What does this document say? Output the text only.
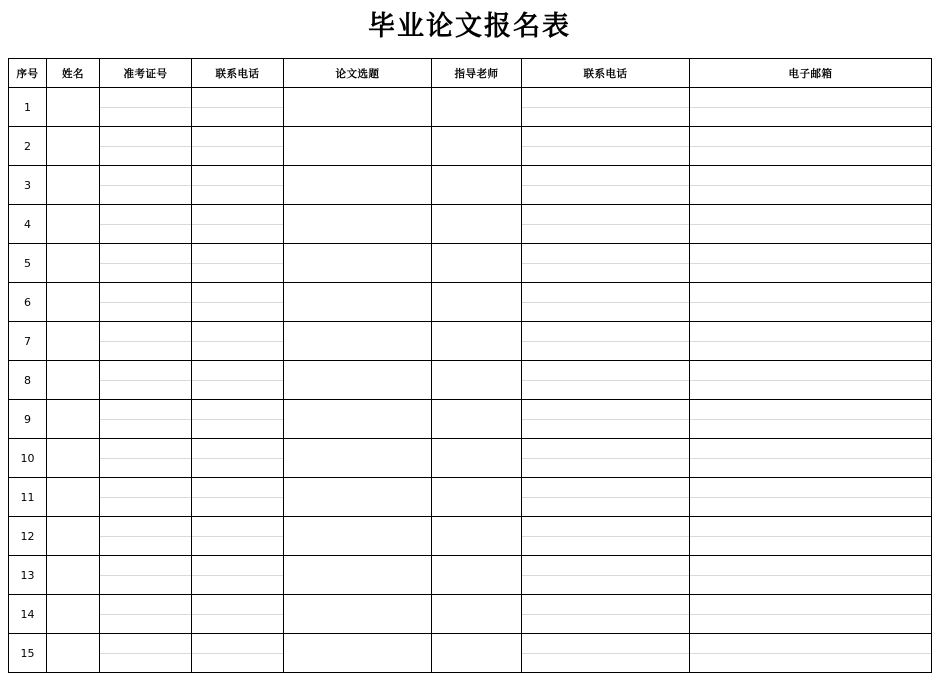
毕业论文报名表
序号	姓名	准考证号	联系电话	论文选题	指导老师	联系电话	电子邮箱
1							
2							
3							
4							
5							
6							
7							
8							
9							
10							
11							
12							
13							
14							
15							
